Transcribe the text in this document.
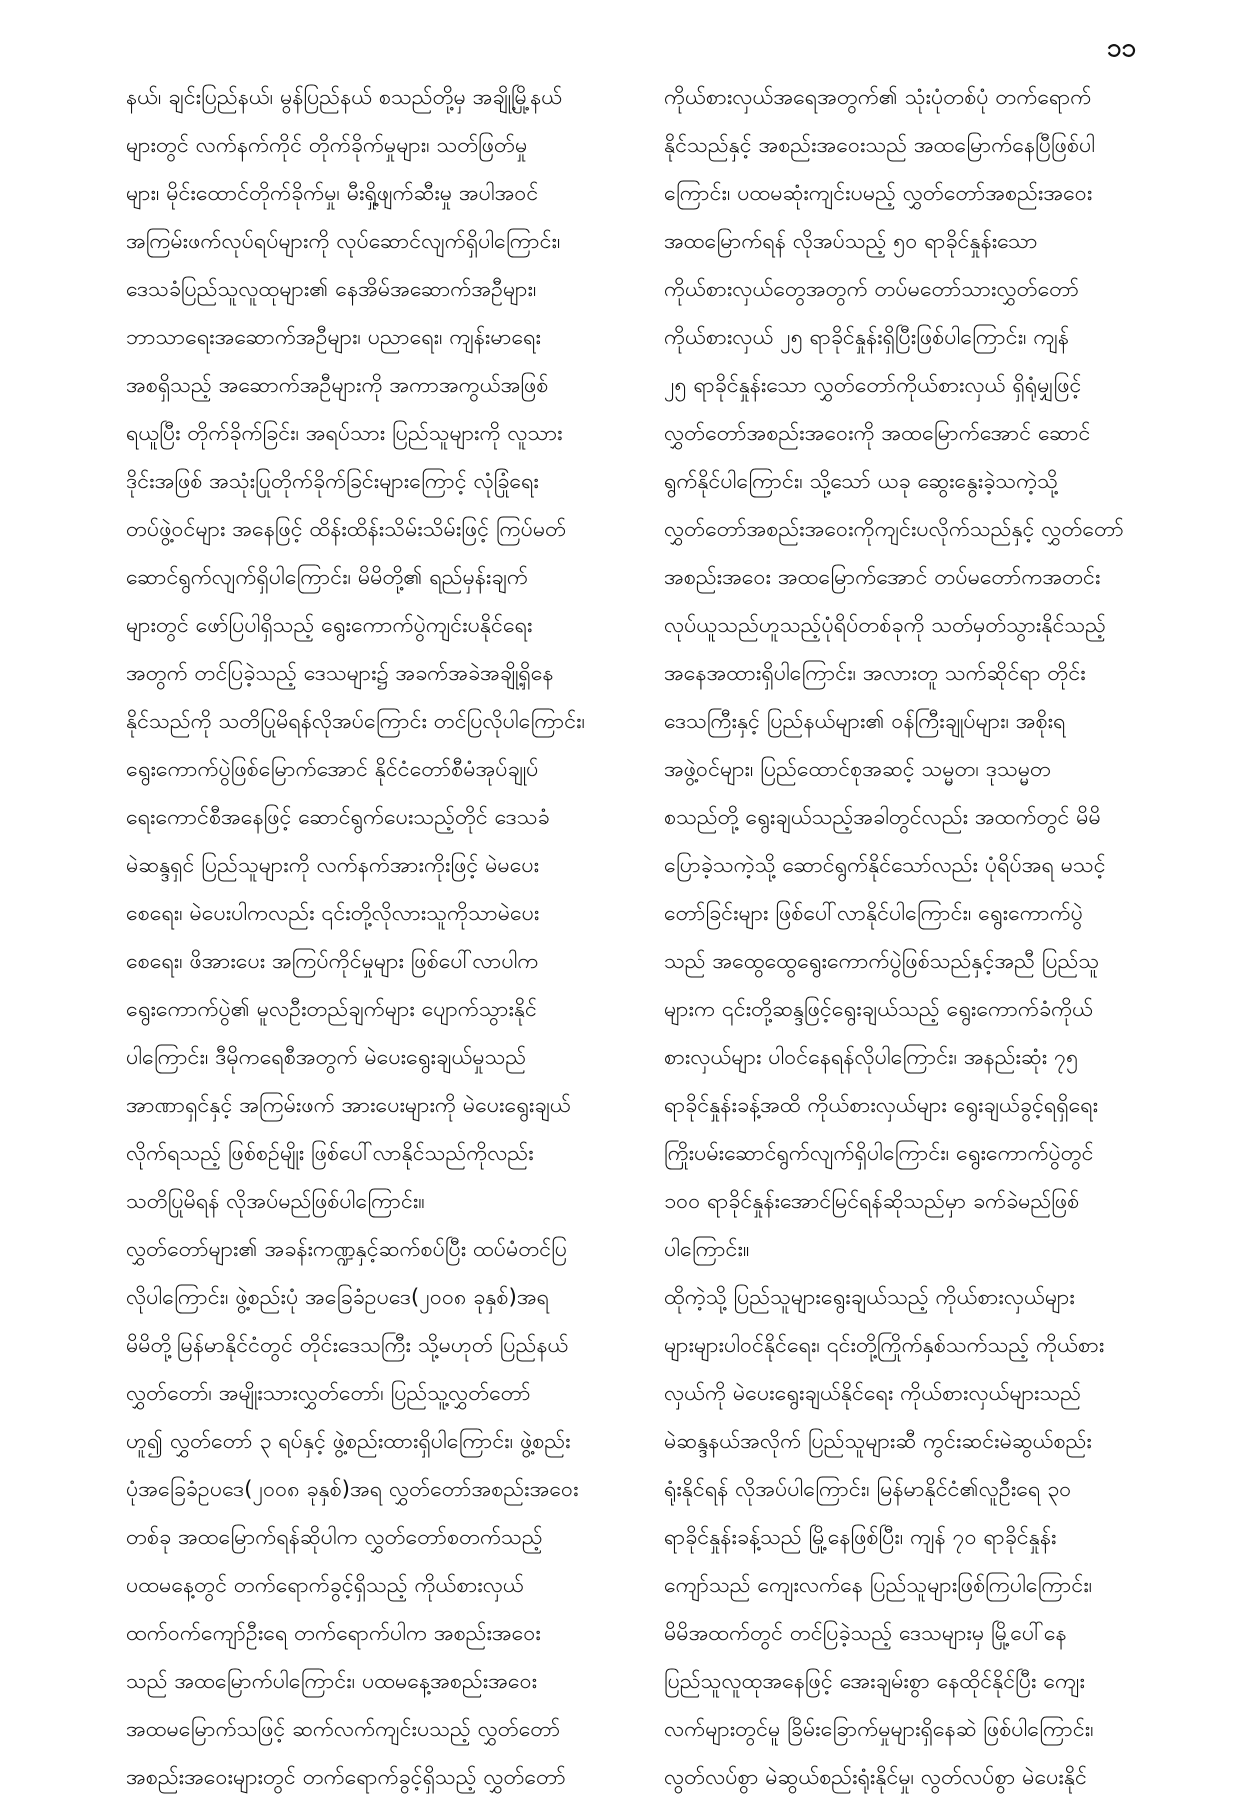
၁၁
နယ်၊ ချင်းပြည်နယ်၊ မွန်ပြည်နယ် စသည်တို့မှ အချို့မြို့နယ်
များတွင် လက်နက်ကိုင် တိုက်ခိုက်မှုများ၊ သတ်ဖြတ်မှု
များ၊ မိုင်းထောင်တိုက်ခိုက်မှု၊ မီးရှို့ဖျက်ဆီးမှု အပါအဝင်
အကြမ်းဖက်လုပ်ရပ်များကို လုပ်ဆောင်လျက်ရှိပါကြောင်း၊
ဒေသခံပြည်သူလူထုများ၏ နေအိမ်အဆောက်အဦများ၊
ဘာသာရေးအဆောက်အဦများ၊ ပညာရေး၊ ကျန်းမာရေး
အစရှိသည့် အဆောက်အဦများကို အကာအကွယ်အဖြစ်
ရယူပြီး တိုက်ခိုက်ခြင်း၊ အရပ်သား ပြည်သူများကို လူသား
ဒိုင်းအဖြစ် အသုံးပြုတိုက်ခိုက်ခြင်းများကြောင့် လုံခြုံရေး
တပ်ဖွဲ့ဝင်များ အနေဖြင့် ထိန်းထိန်းသိမ်းသိမ်းဖြင့် ကြပ်မတ်
ဆောင်ရွက်လျက်ရှိပါကြောင်း၊ မိမိတို့၏ ရည်မှန်းချက်
များတွင် ဖော်ပြပါရှိသည့် ရွေးကောက်ပွဲကျင်းပနိုင်ရေး
အတွက် တင်ပြခဲ့သည့် ဒေသများ၌ အခက်အခဲအချို့ရှိနေ
နိုင်သည်ကို သတိပြုမိရန်လိုအပ်ကြောင်း တင်ပြလိုပါကြောင်း၊
ရွေးကောက်ပွဲဖြစ်မြောက်အောင် နိုင်ငံတော်စီမံအုပ်ချုပ်
ရေးကောင်စီအနေဖြင့် ဆောင်ရွက်ပေးသည့်တိုင် ဒေသခံ
မဲဆန္ဒရှင် ပြည်သူများကို လက်နက်အားကိုးဖြင့် မဲမပေး
စေရေး၊ မဲပေးပါကလည်း ၎င်းတို့လိုလားသူကိုသာမဲပေး
စေရေး၊ ဖိအားပေး အကြပ်ကိုင်မှုများ ဖြစ်ပေါ်လာပါက
ရွေးကောက်ပွဲ၏ မူလဦးတည်ချက်များ ပျောက်သွားနိုင်
ပါကြောင်း၊ ဒီမိုကရေစီအတွက် မဲပေးရွေးချယ်မှုသည်
အာဏာရှင်နှင့် အကြမ်းဖက် အားပေးများကို မဲပေးရွေးချယ်
လိုက်ရသည့် ဖြစ်စဉ်မျိုး ဖြစ်ပေါ်လာနိုင်သည်ကိုလည်း
သတိပြုမိရန် လိုအပ်မည်ဖြစ်ပါကြောင်း။
လွှတ်တော်များ၏ အခန်းကဏ္ဍနှင့်ဆက်စပ်ပြီး ထပ်မံတင်ပြ
လိုပါကြောင်း၊ ဖွဲ့စည်းပုံ အခြေခံဥပဒေ(၂၀၀၈ ခုနှစ်)အရ
မိမိတို့မြန်မာနိုင်ငံတွင် တိုင်းဒေသကြီး သို့မဟုတ် ပြည်နယ်
လွှတ်တော်၊ အမျိုးသားလွှတ်တော်၊ ပြည်သူ့လွှတ်တော်
ဟူ၍ လွှတ်တော် ၃ ရပ်နှင့် ဖွဲ့စည်းထားရှိပါကြောင်း၊ ဖွဲ့စည်း
ပုံအခြေခံဥပဒေ(၂၀၀၈ ခုနှစ်)အရ လွှတ်တော်အစည်းအဝေး
တစ်ခု အထမြောက်ရန်ဆိုပါက လွှတ်တော်စတက်သည့်
ပထမနေ့တွင် တက်ရောက်ခွင့်ရှိသည့် ကိုယ်စားလှယ်
ထက်ဝက်ကျော်ဦးရေ တက်ရောက်ပါက အစည်းအဝေး
သည် အထမြောက်ပါကြောင်း၊ ပထမနေ့အစည်းအဝေး
အထမမြောက်သဖြင့် ဆက်လက်ကျင်းပသည့် လွှတ်တော်
အစည်းအဝေးများတွင် တက်ရောက်ခွင့်ရှိသည့် လွှတ်တော်
ကိုယ်စားလှယ်အရေအတွက်၏ သုံးပုံတစ်ပုံ တက်ရောက်
နိုင်သည်နှင့် အစည်းအဝေးသည် အထမြောက်နေပြီဖြစ်ပါ
ကြောင်း၊ ပထမဆုံးကျင်းပမည့် လွှတ်တော်အစည်းအဝေး
အထမြောက်ရန် လိုအပ်သည့် ၅၀ ရာခိုင်နှုန်းသော
ကိုယ်စားလှယ်တွေအတွက် တပ်မတော်သားလွှတ်တော်
ကိုယ်စားလှယ် ၂၅ ရာခိုင်နှုန်းရှိပြီးဖြစ်ပါကြောင်း၊ ကျန်
၂၅ ရာခိုင်နှုန်းသော လွှတ်တော်ကိုယ်စားလှယ် ရှိရုံမျှဖြင့်
လွှတ်တော်အစည်းအဝေးကို အထမြောက်အောင် ဆောင်
ရွက်နိုင်ပါကြောင်း၊ သို့သော် ယခု ဆွေးနွေးခဲ့သကဲ့သို့
လွှတ်တော်အစည်းအဝေးကိုကျင်းပလိုက်သည်နှင့် လွှတ်တော်
အစည်းအဝေး အထမြောက်အောင် တပ်မတော်ကအတင်း
လုပ်ယူသည်ဟူသည့်ပုံရိပ်တစ်ခုကို သတ်မှတ်သွားနိုင်သည့်
အနေအထားရှိပါကြောင်း၊ အလားတူ သက်ဆိုင်ရာ တိုင်း
ဒေသကြီးနှင့် ပြည်နယ်များ၏ ဝန်ကြီးချုပ်များ၊ အစိုးရ
အဖွဲ့ဝင်များ၊ ပြည်ထောင်စုအဆင့် သမ္မတ၊ ဒုသမ္မတ
စသည်တို့ ရွေးချယ်သည့်အခါတွင်လည်း အထက်တွင် မိမိ
ပြောခဲ့သကဲ့သို့ ဆောင်ရွက်နိုင်သော်လည်း ပုံရိပ်အရ မသင့်
တော်ခြင်းများ ဖြစ်ပေါ်လာနိုင်ပါကြောင်း၊ ရွေးကောက်ပွဲ
သည် အထွေထွေရွေးကောက်ပွဲဖြစ်သည်နှင့်အညီ ပြည်သူ
များက ၎င်းတို့ဆန္ဒဖြင့်ရွေးချယ်သည့် ရွေးကောက်ခံကိုယ်
စားလှယ်များ ပါဝင်နေရန်လိုပါကြောင်း၊ အနည်းဆုံး ၇၅
ရာခိုင်နှုန်းခန့်အထိ ကိုယ်စားလှယ်များ ရွေးချယ်ခွင့်ရရှိရေး
ကြိုးပမ်းဆောင်ရွက်လျက်ရှိပါကြောင်း၊ ရွေးကောက်ပွဲတွင်
၁၀၀ ရာခိုင်နှုန်းအောင်မြင်ရန်ဆိုသည်မှာ ခက်ခဲမည်ဖြစ်
ပါကြောင်း။
ထိုကဲ့သို့ ပြည်သူများရွေးချယ်သည့် ကိုယ်စားလှယ်များ
များများပါဝင်နိုင်ရေး၊ ၎င်းတို့ကြိုက်နှစ်သက်သည့် ကိုယ်စား
လှယ်ကို မဲပေးရွေးချယ်နိုင်ရေး ကိုယ်စားလှယ်များသည်
မဲဆန္ဒနယ်အလိုက် ပြည်သူများဆီ ကွင်းဆင်းမဲဆွယ်စည်း
ရုံးနိုင်ရန် လိုအပ်ပါကြောင်း၊ မြန်မာနိုင်ငံ၏လူဦးရေ ၃၀
ရာခိုင်နှုန်းခန့်သည် မြို့နေဖြစ်ပြီး၊ ကျန် ၇၀ ရာခိုင်နှုန်း
ကျော်သည် ကျေးလက်နေ ပြည်သူများဖြစ်ကြပါကြောင်း၊
မိမိအထက်တွင် တင်ပြခဲ့သည့် ဒေသများမှ မြို့ပေါ်နေ
ပြည်သူလူထုအနေဖြင့် အေးချမ်းစွာ နေထိုင်နိုင်ပြီး ကျေး
လက်များတွင်မူ ခြိမ်းခြောက်မှုများရှိနေဆဲ ဖြစ်ပါကြောင်း၊
လွတ်လပ်စွာ မဲဆွယ်စည်းရုံးနိုင်မှု၊ လွတ်လပ်စွာ မဲပေးနိုင်
